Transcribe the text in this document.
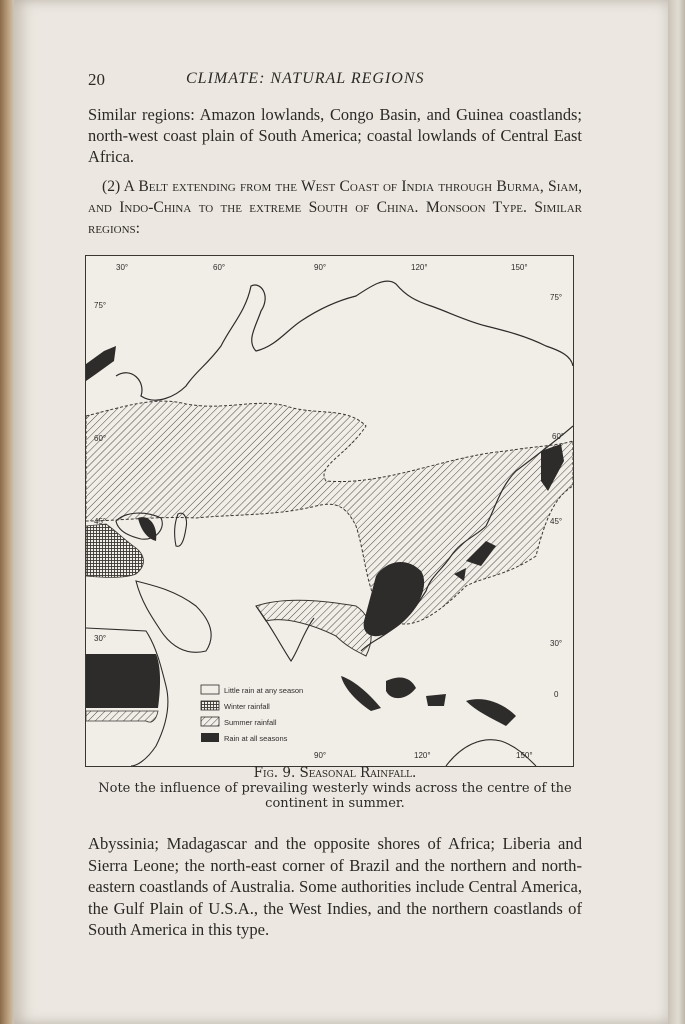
20	CLIMATE: NATURAL REGIONS

Similar regions: Amazon lowlands, Congo Basin, and Guinea coastlands; north-west coast plain of South America; coastal lowlands of Central East Africa.

(2) A Belt extending from the West Coast of India through Burma, Siam, and Indo-China to the extreme South of China. Monsoon Type. Similar regions:

30°	60°	90°	120°	150°
90°	120°	150°
75°
60°
45°
30°
75°
60°
45°
30°
0
Little rain at any season
Winter rainfall
Summer rainfall
Rain at all seasons
Fig. 9. Seasonal Rainfall.
Note the influence of prevailing westerly winds across the centre of the continent in summer.

Abyssinia; Madagascar and the opposite shores of Africa; Liberia and Sierra Leone; the north-east corner of Brazil and the northern and north-eastern coastlands of Australia. Some authorities include Central America, the Gulf Plain of U.S.A., the West Indies, and the northern coastlands of South America in this type.
